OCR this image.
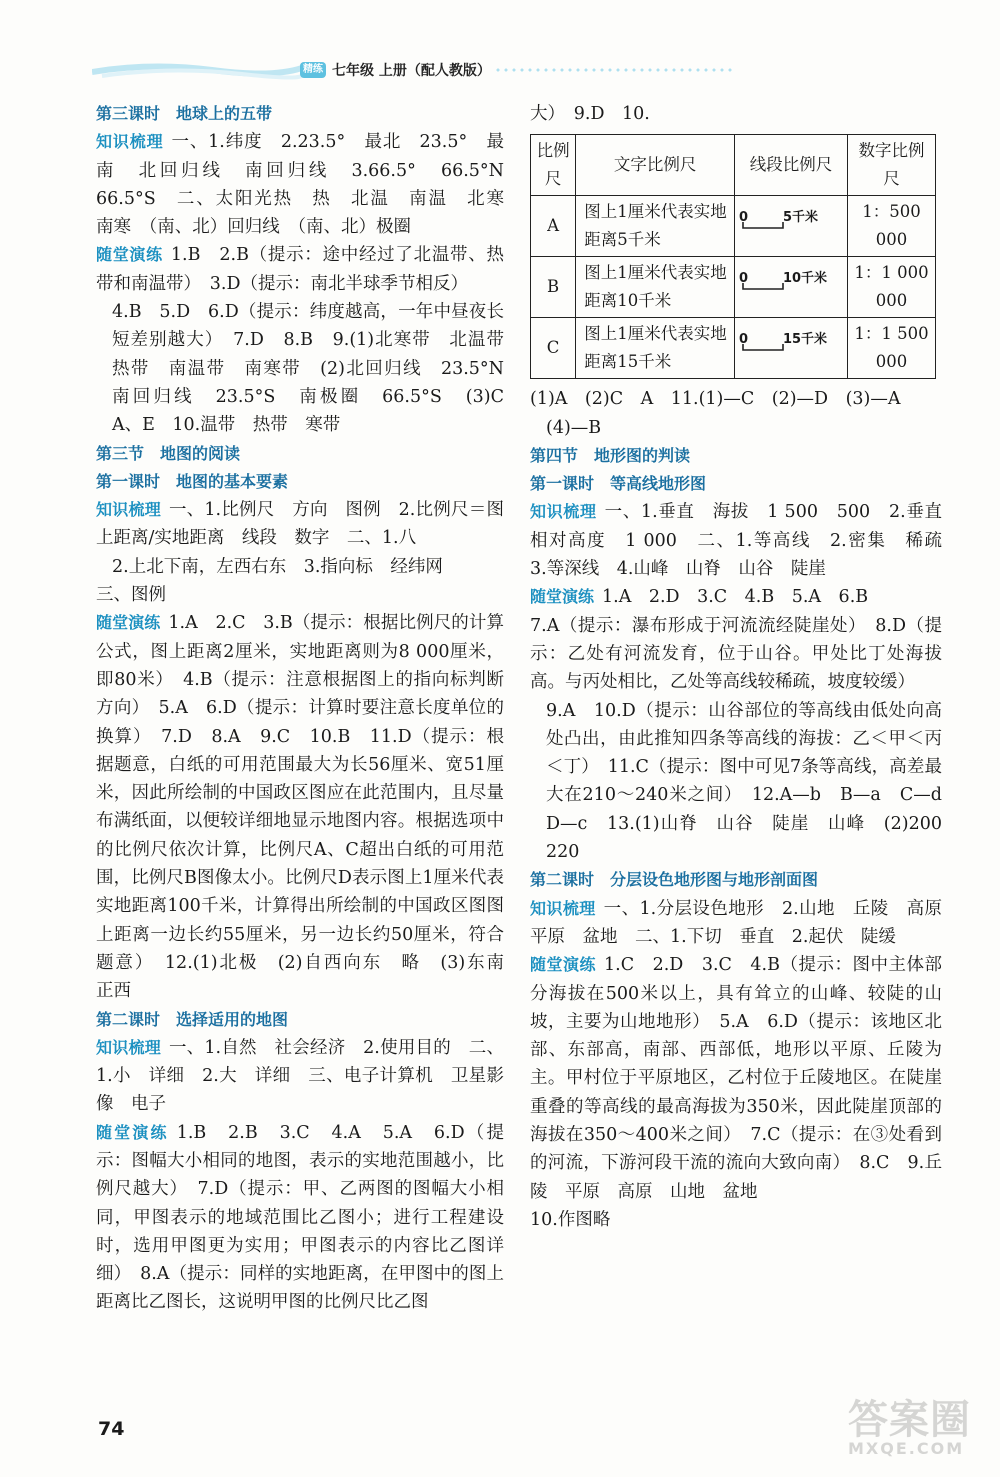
精练 七年级 上册（配人教版）

第三课时　地球上的五带

知识梳理 一、1.纬度　2.23.5°　最北　23.5°　最南　北回归线　南回归线　3.66.5°　66.5°N　66.5°S　二、太阳光热　热　北温　南温　北寒　南寒　（南、北）回归线　（南、北）极圈

随堂演练 1.B　2.B（提示：途中经过了北温带、热带和南温带）　3.D（提示：南北半球季节相反）

4.B　5.D　6.D（提示：纬度越高，一年中昼夜长短差别越大）　7.D　8.B　9.(1)北寒带　北温带　热带　南温带　南寒带　(2)北回归线　23.5°N　南回归线　23.5°S　南极圈　66.5°S　(3)C　A、E　10.温带　热带　寒带

第三节　地图的阅读

第一课时　地图的基本要素

知识梳理 一、1.比例尺　方向　图例　2.比例尺＝图上距离/实地距离　线段　数字　二、1.八

2.上北下南，左西右东　3.指向标　经纬网

三、图例

随堂演练 1.A　2.C　3.B（提示：根据比例尺的计算公式，图上距离2厘米，实地距离则为8 000厘米，即80米）　4.B（提示：注意根据图上的指向标判断方向）　5.A　6.D（提示：计算时要注意长度单位的换算）　7.D　8.A　9.C　10.B　11.D（提示：根据题意，白纸的可用范围最大为长56厘米、宽51厘米，因此所绘制的中国政区图应在此范围内，且尽量布满纸面，以便较详细地显示地图内容。根据选项中的比例尺依次计算，比例尺A、C超出白纸的可用范围，比例尺B图像太小。比例尺D表示图上1厘米代表实地距离100千米，计算得出所绘制的中国政区图图上距离一边长约55厘米，另一边长约50厘米，符合题意）　12.(1)北极　(2)自西向东　略　(3)东南　正西

第二课时　选择适用的地图

知识梳理 一、1.自然　社会经济　2.使用目的　二、1.小　详细　2.大　详细　三、电子计算机　卫星影像　电子

随堂演练 1.B　2.B　3.C　4.A　5.A　6.D（提示：图幅大小相同的地图，表示的实地范围越小，比例尺越大）　7.D（提示：甲、乙两图的图幅大小相同，甲图表示的地域范围比乙图小；进行工程建设时，选用甲图更为实用；甲图表示的内容比乙图详细）　8.A（提示：同样的实地距离，在甲图中的图上距离比乙图长，这说明甲图的比例尺比乙图

大）　9.D　10.

比例尺	文字比例尺	线段比例尺	数字比例尺
A	图上1厘米代表实地距离5千米	0 5千米	1：500 000
B	图上1厘米代表实地距离10千米	0 10千米	1：1 000 000
C	图上1厘米代表实地距离15千米	0 15千米	1：1 500 000

(1)A　(2)C　A　11.(1)—C　(2)—D　(3)—A

(4)—B

第四节　地形图的判读

第一课时　等高线地形图

知识梳理 一、1.垂直　海拔　1 500　500　2.垂直　相对高度　1 000　二、1.等高线　2.密集　稀疏　3.等深线　4.山峰　山脊　山谷　陡崖

随堂演练 1.A　2.D　3.C　4.B　5.A　6.B

7.A（提示：瀑布形成于河流流经陡崖处）　8.D（提示：乙处有河流发育，位于山谷。甲处比丁处海拔高。与丙处相比，乙处等高线较稀疏，坡度较缓）

9.A　10.D（提示：山谷部位的等高线由低处向高处凸出，由此推知四条等高线的海拔：乙＜甲＜丙＜丁）　11.C（提示：图中可见7条等高线，高差最大在210～240米之间）　12.A—b　B—a　C—d　D—c　13.(1)山脊　山谷　陡崖　山峰　(2)200　220

第二课时　分层设色地形图与地形剖面图

知识梳理 一、1.分层设色地形　2.山地　丘陵　高原　平原　盆地　二、1.下切　垂直　2.起伏　陡缓

随堂演练 1.C　2.D　3.C　4.B（提示：图中主体部分海拔在500米以上，具有耸立的山峰、较陡的山坡，主要为山地地形）　5.A　6.D（提示：该地区北部、东部高，南部、西部低，地形以平原、丘陵为主。甲村位于平原地区，乙村位于丘陵地区。在陡崖重叠的等高线的最高海拔为350米，因此陡崖顶部的海拔在350～400米之间）　7.C（提示：在③处看到的河流，下游河段干流的流向大致向南）　8.C　9.丘陵　平原　高原　山地　盆地

10.作图略

74	答案圈
MXQE.COM
